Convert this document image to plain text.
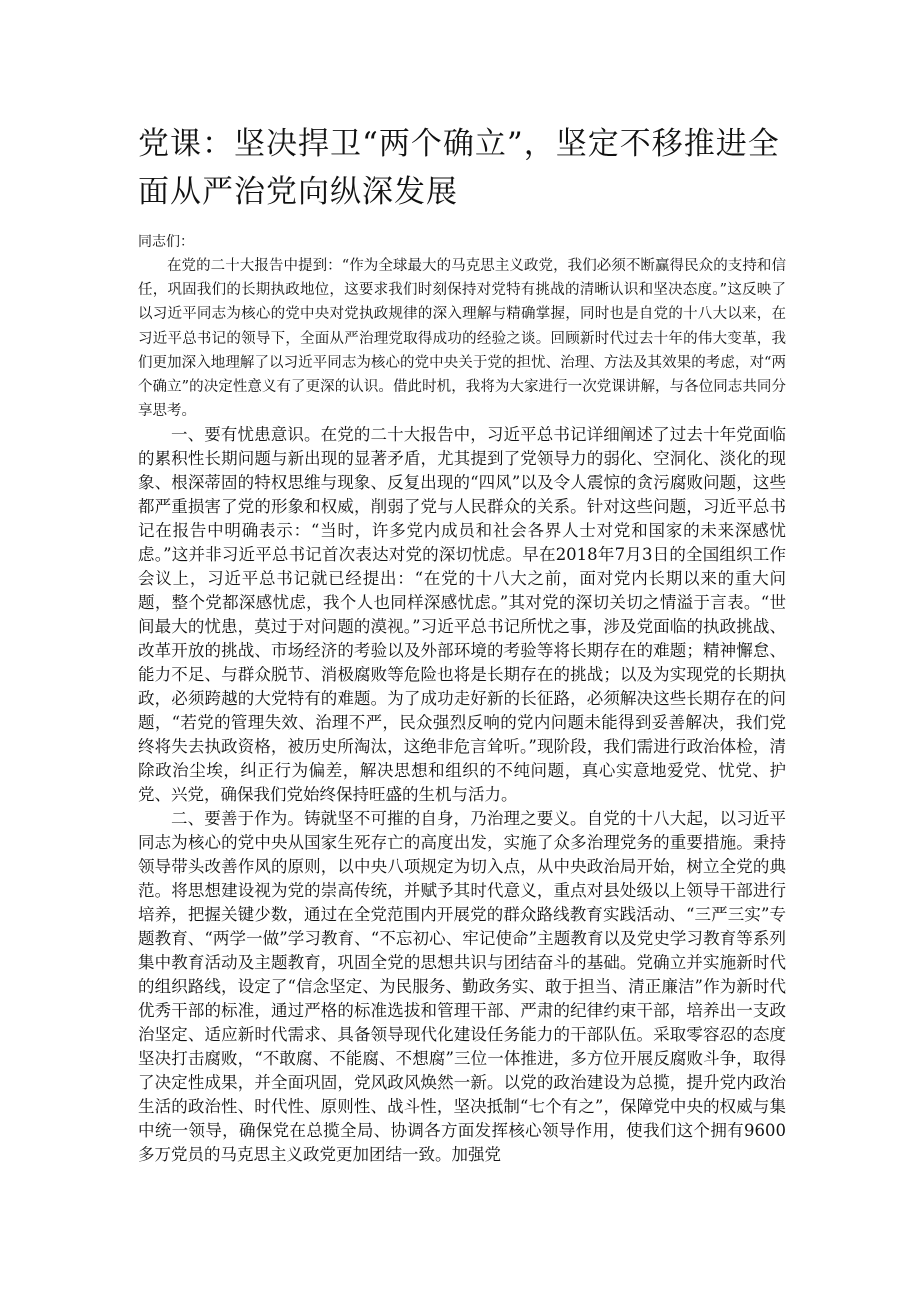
党课：坚决捍卫“两个确立”，坚定不移推进全面从严治党向纵深发展

同志们：

在党的二十大报告中提到：“作为全球最大的马克思主义政党，我们必须不断赢得民众的支持和信任，巩固我们的长期执政地位，这要求我们时刻保持对党特有挑战的清晰认识和坚决态度。”这反映了以习近平同志为核心的党中央对党执政规律的深入理解与精确掌握，同时也是自党的十八大以来，在习近平总书记的领导下，全面从严治理党取得成功的经验之谈。回顾新时代过去十年的伟大变革，我们更加深入地理解了以习近平同志为核心的党中央关于党的担忧、治理、方法及其效果的考虑，对“两个确立”的决定性意义有了更深的认识。借此时机，我将为大家进行一次党课讲解，与各位同志共同分享思考。

一、要有忧患意识。在党的二十大报告中，习近平总书记详细阐述了过去十年党面临的累积性长期问题与新出现的显著矛盾，尤其提到了党领导力的弱化、空洞化、淡化的现象、根深蒂固的特权思维与现象、反复出现的“四风”以及令人震惊的贪污腐败问题，这些都严重损害了党的形象和权威，削弱了党与人民群众的关系。针对这些问题，习近平总书记在报告中明确表示：“当时，许多党内成员和社会各界人士对党和国家的未来深感忧虑。”这并非习近平总书记首次表达对党的深切忧虑。早在2018年7月3日的全国组织工作会议上，习近平总书记就已经提出：“在党的十八大之前，面对党内长期以来的重大问题，整个党都深感忧虑，我个人也同样深感忧虑。”其对党的深切关切之情溢于言表。“世间最大的忧患，莫过于对问题的漠视。”习近平总书记所忧之事，涉及党面临的执政挑战、改革开放的挑战、市场经济的考验以及外部环境的考验等将长期存在的难题；精神懈怠、能力不足、与群众脱节、消极腐败等危险也将是长期存在的挑战；以及为实现党的长期执政，必须跨越的大党特有的难题。为了成功走好新的长征路，必须解决这些长期存在的问题，“若党的管理失效、治理不严，民众强烈反响的党内问题未能得到妥善解决，我们党终将失去执政资格，被历史所淘汰，这绝非危言耸听。”现阶段，我们需进行政治体检，清除政治尘埃，纠正行为偏差，解决思想和组织的不纯问题，真心实意地爱党、忧党、护党、兴党，确保我们党始终保持旺盛的生机与活力。

二、要善于作为。铸就坚不可摧的自身，乃治理之要义。自党的十八大起，以习近平同志为核心的党中央从国家生死存亡的高度出发，实施了众多治理党务的重要措施。秉持领导带头改善作风的原则，以中央八项规定为切入点，从中央政治局开始，树立全党的典范。将思想建设视为党的崇高传统，并赋予其时代意义，重点对县处级以上领导干部进行培养，把握关键少数，通过在全党范围内开展党的群众路线教育实践活动、“三严三实”专题教育、“两学一做”学习教育、“不忘初心、牢记使命”主题教育以及党史学习教育等系列集中教育活动及主题教育，巩固全党的思想共识与团结奋斗的基础。党确立并实施新时代的组织路线，设定了“信念坚定、为民服务、勤政务实、敢于担当、清正廉洁”作为新时代优秀干部的标准，通过严格的标准选拔和管理干部、严肃的纪律约束干部，培养出一支政治坚定、适应新时代需求、具备领导现代化建设任务能力的干部队伍。采取零容忍的态度坚决打击腐败，“不敢腐、不能腐、不想腐”三位一体推进，多方位开展反腐败斗争，取得了决定性成果，并全面巩固，党风政风焕然一新。以党的政治建设为总揽，提升党内政治生活的政治性、时代性、原则性、战斗性，坚决抵制“七个有之”，保障党中央的权威与集中统一领导，确保党在总揽全局、协调各方面发挥核心领导作用，使我们这个拥有9600多万党员的马克思主义政党更加团结一致。加强党
